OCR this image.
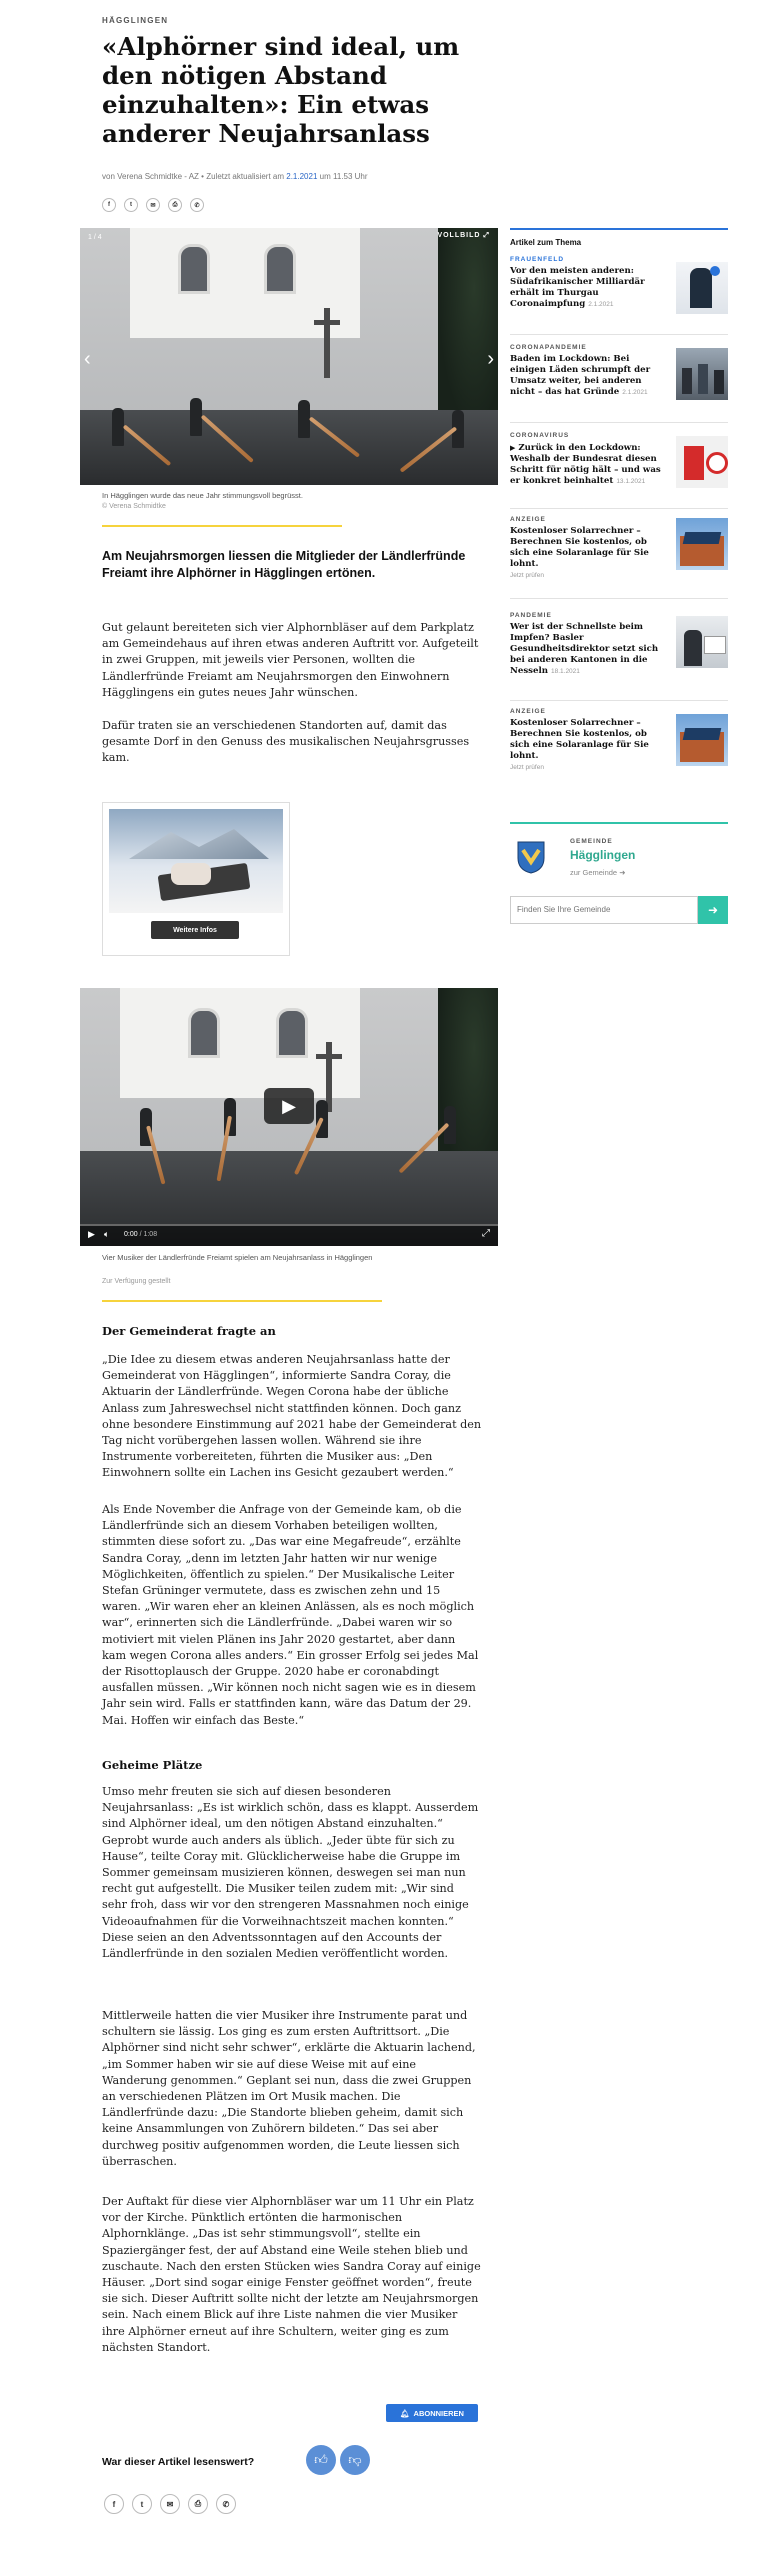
HÄGGLINGEN
«Alphörner sind ideal, um den nötigen Abstand einzuhalten»: Ein etwas anderer Neujahrsanlass
von Verena Schmidtke - AZ • Zuletzt aktualisiert am 2.1.2021 um 11.53 Uhr
f	t	✉	⎙	✆
1 / 4	VOLLBILD ⤢
‹	›
In Hägglingen wurde das neue Jahr stimmungsvoll begrüsst.
© Verena Schmidtke
Am Neujahrsmorgen liessen die Mitglieder der Ländlerfründe Freiamt ihre Alphörner in Hägglingen ertönen.

Gut gelaunt bereiteten sich vier Alphornbläser auf dem Parkplatz am Gemeindehaus auf ihren etwas anderen Auftritt vor. Aufgeteilt in zwei Gruppen, mit jeweils vier Personen, wollten die Ländlerfründe Freiamt am Neujahrsmorgen den Einwohnern Hägglingens ein gutes neues Jahr wünschen.

Dafür traten sie an verschiedenen Standorten auf, damit das gesamte Dorf in den Genuss des musikalischen Neujahrsgrusses kam.

Weitere Infos
▶
▶ 🔈︎ 0:00 / 1:08	⤢
Vier Musiker der Ländlerfründe Freiamt spielen am Neujahrsanlass in Hägglingen
Zur Verfügung gestellt
Der Gemeinderat fragte an

„Die Idee zu diesem etwas anderen Neujahrsanlass hatte der Gemeinderat von Hägglingen“, informierte Sandra Coray, die Aktuarin der Ländlerfründe. Wegen Corona habe der übliche Anlass zum Jahreswechsel nicht stattfinden können. Doch ganz ohne besondere Einstimmung auf 2021 habe der Gemeinderat den Tag nicht vorübergehen lassen wollen. Während sie ihre Instrumente vorbereiteten, führten die Musiker aus: „Den Einwohnern sollte ein Lachen ins Gesicht gezaubert werden.“

Als Ende November die Anfrage von der Gemeinde kam, ob die Ländlerfründe sich an diesem Vorhaben beteiligen wollten, stimmten diese sofort zu. „Das war eine Megafreude“, erzählte Sandra Coray, „denn im letzten Jahr hatten wir nur wenige Möglichkeiten, öffentlich zu spielen.“ Der Musikalische Leiter Stefan Grüninger vermutete, dass es zwischen zehn und 15 waren. „Wir waren eher an kleinen Anlässen, als es noch möglich war“, erinnerten sich die Ländlerfründe. „Dabei waren wir so motiviert mit vielen Plänen ins Jahr 2020 gestartet, aber dann kam wegen Corona alles anders.“ Ein grosser Erfolg sei jedes Mal der Risottoplausch der Gruppe. 2020 habe er coronabdingt ausfallen müssen. „Wir können noch nicht sagen wie es in diesem Jahr sein wird. Falls er stattfinden kann, wäre das Datum der 29. Mai. Hoffen wir einfach das Beste.“

Geheime Plätze

Umso mehr freuten sie sich auf diesen besonderen Neujahrsanlass: „Es ist wirklich schön, dass es klappt. Ausserdem sind Alphörner ideal, um den nötigen Abstand einzuhalten.“ Geprobt wurde auch anders als üblich. „Jeder übte für sich zu Hause“, teilte Coray mit. Glücklicherweise habe die Gruppe im Sommer gemeinsam musizieren können, deswegen sei man nun recht gut aufgestellt. Die Musiker teilen zudem mit: „Wir sind sehr froh, dass wir vor den strengeren Massnahmen noch einige Videoaufnahmen für die Vorweihnachtszeit machen konnten.“ Diese seien an den Adventssonntagen auf den Accounts der Ländlerfründe in den sozialen Medien veröffentlicht worden.

Mittlerweile hatten die vier Musiker ihre Instrumente parat und schultern sie lässig. Los ging es zum ersten Auftrittsort. „Die Alphörner sind nicht sehr schwer“, erklärte die Aktuarin lachend, „im Sommer haben wir sie auf diese Weise mit auf eine Wanderung genommen.“ Geplant sei nun, dass die zwei Gruppen an verschiedenen Plätzen im Ort Musik machen. Die Ländlerfründe dazu: „Die Standorte blieben geheim, damit sich keine Ansammlungen von Zuhörern bildeten.“ Das sei aber durchweg positiv aufgenommen worden, die Leute liessen sich überraschen.

Der Auftakt für diese vier Alphornbläser war um 11 Uhr ein Platz vor der Kirche. Pünktlich ertönten die harmonischen Alphornklänge. „Das ist sehr stimmungsvoll“, stellte ein Spaziergänger fest, der auf Abstand eine Weile stehen blieb und zuschaute. Nach den ersten Stücken wies Sandra Coray auf einige Häuser. „Dort sind sogar einige Fenster geöffnet worden“, freute sie sich. Dieser Auftritt sollte nicht der letzte am Neujahrsmorgen sein. Nach einem Blick auf ihre Liste nahmen die vier Musiker ihre Alphörner erneut auf ihre Schultern, weiter ging es zum nächsten Standort.

🔔︎ ABONNIEREN
War dieser Artikel lesenswert?	👍︎	👎︎
f	t	✉	⎙	✆
Artikel zum Thema
FRAUENFELD
Vor den meisten anderen: Südafrikanischer Milliardär erhält im Thurgau Coronaimpfung 2.1.2021
CORONAPANDEMIE
Baden im Lockdown: Bei einigen Läden schrumpft der Umsatz weiter, bei anderen nicht – das hat Gründe 2.1.2021
CORONAVIRUS
▶ Zurück in den Lockdown: Weshalb der Bundesrat diesen Schritt für nötig hält – und was er konkret beinhaltet 13.1.2021
ANZEIGE
Kostenloser Solarrechner – Berechnen Sie kostenlos, ob sich eine Solaranlage für Sie lohnt.
Jetzt prüfen
PANDEMIE
Wer ist der Schnellste beim Impfen? Basler Gesundheitsdirektor setzt sich bei anderen Kantonen in die Nesseln 18.1.2021
ANZEIGE
Kostenloser Solarrechner – Berechnen Sie kostenlos, ob sich eine Solaranlage für Sie lohnt.
Jetzt prüfen
GEMEINDE
Hägglingen
zur Gemeinde ➜
Finden Sie Ihre Gemeinde
➜
